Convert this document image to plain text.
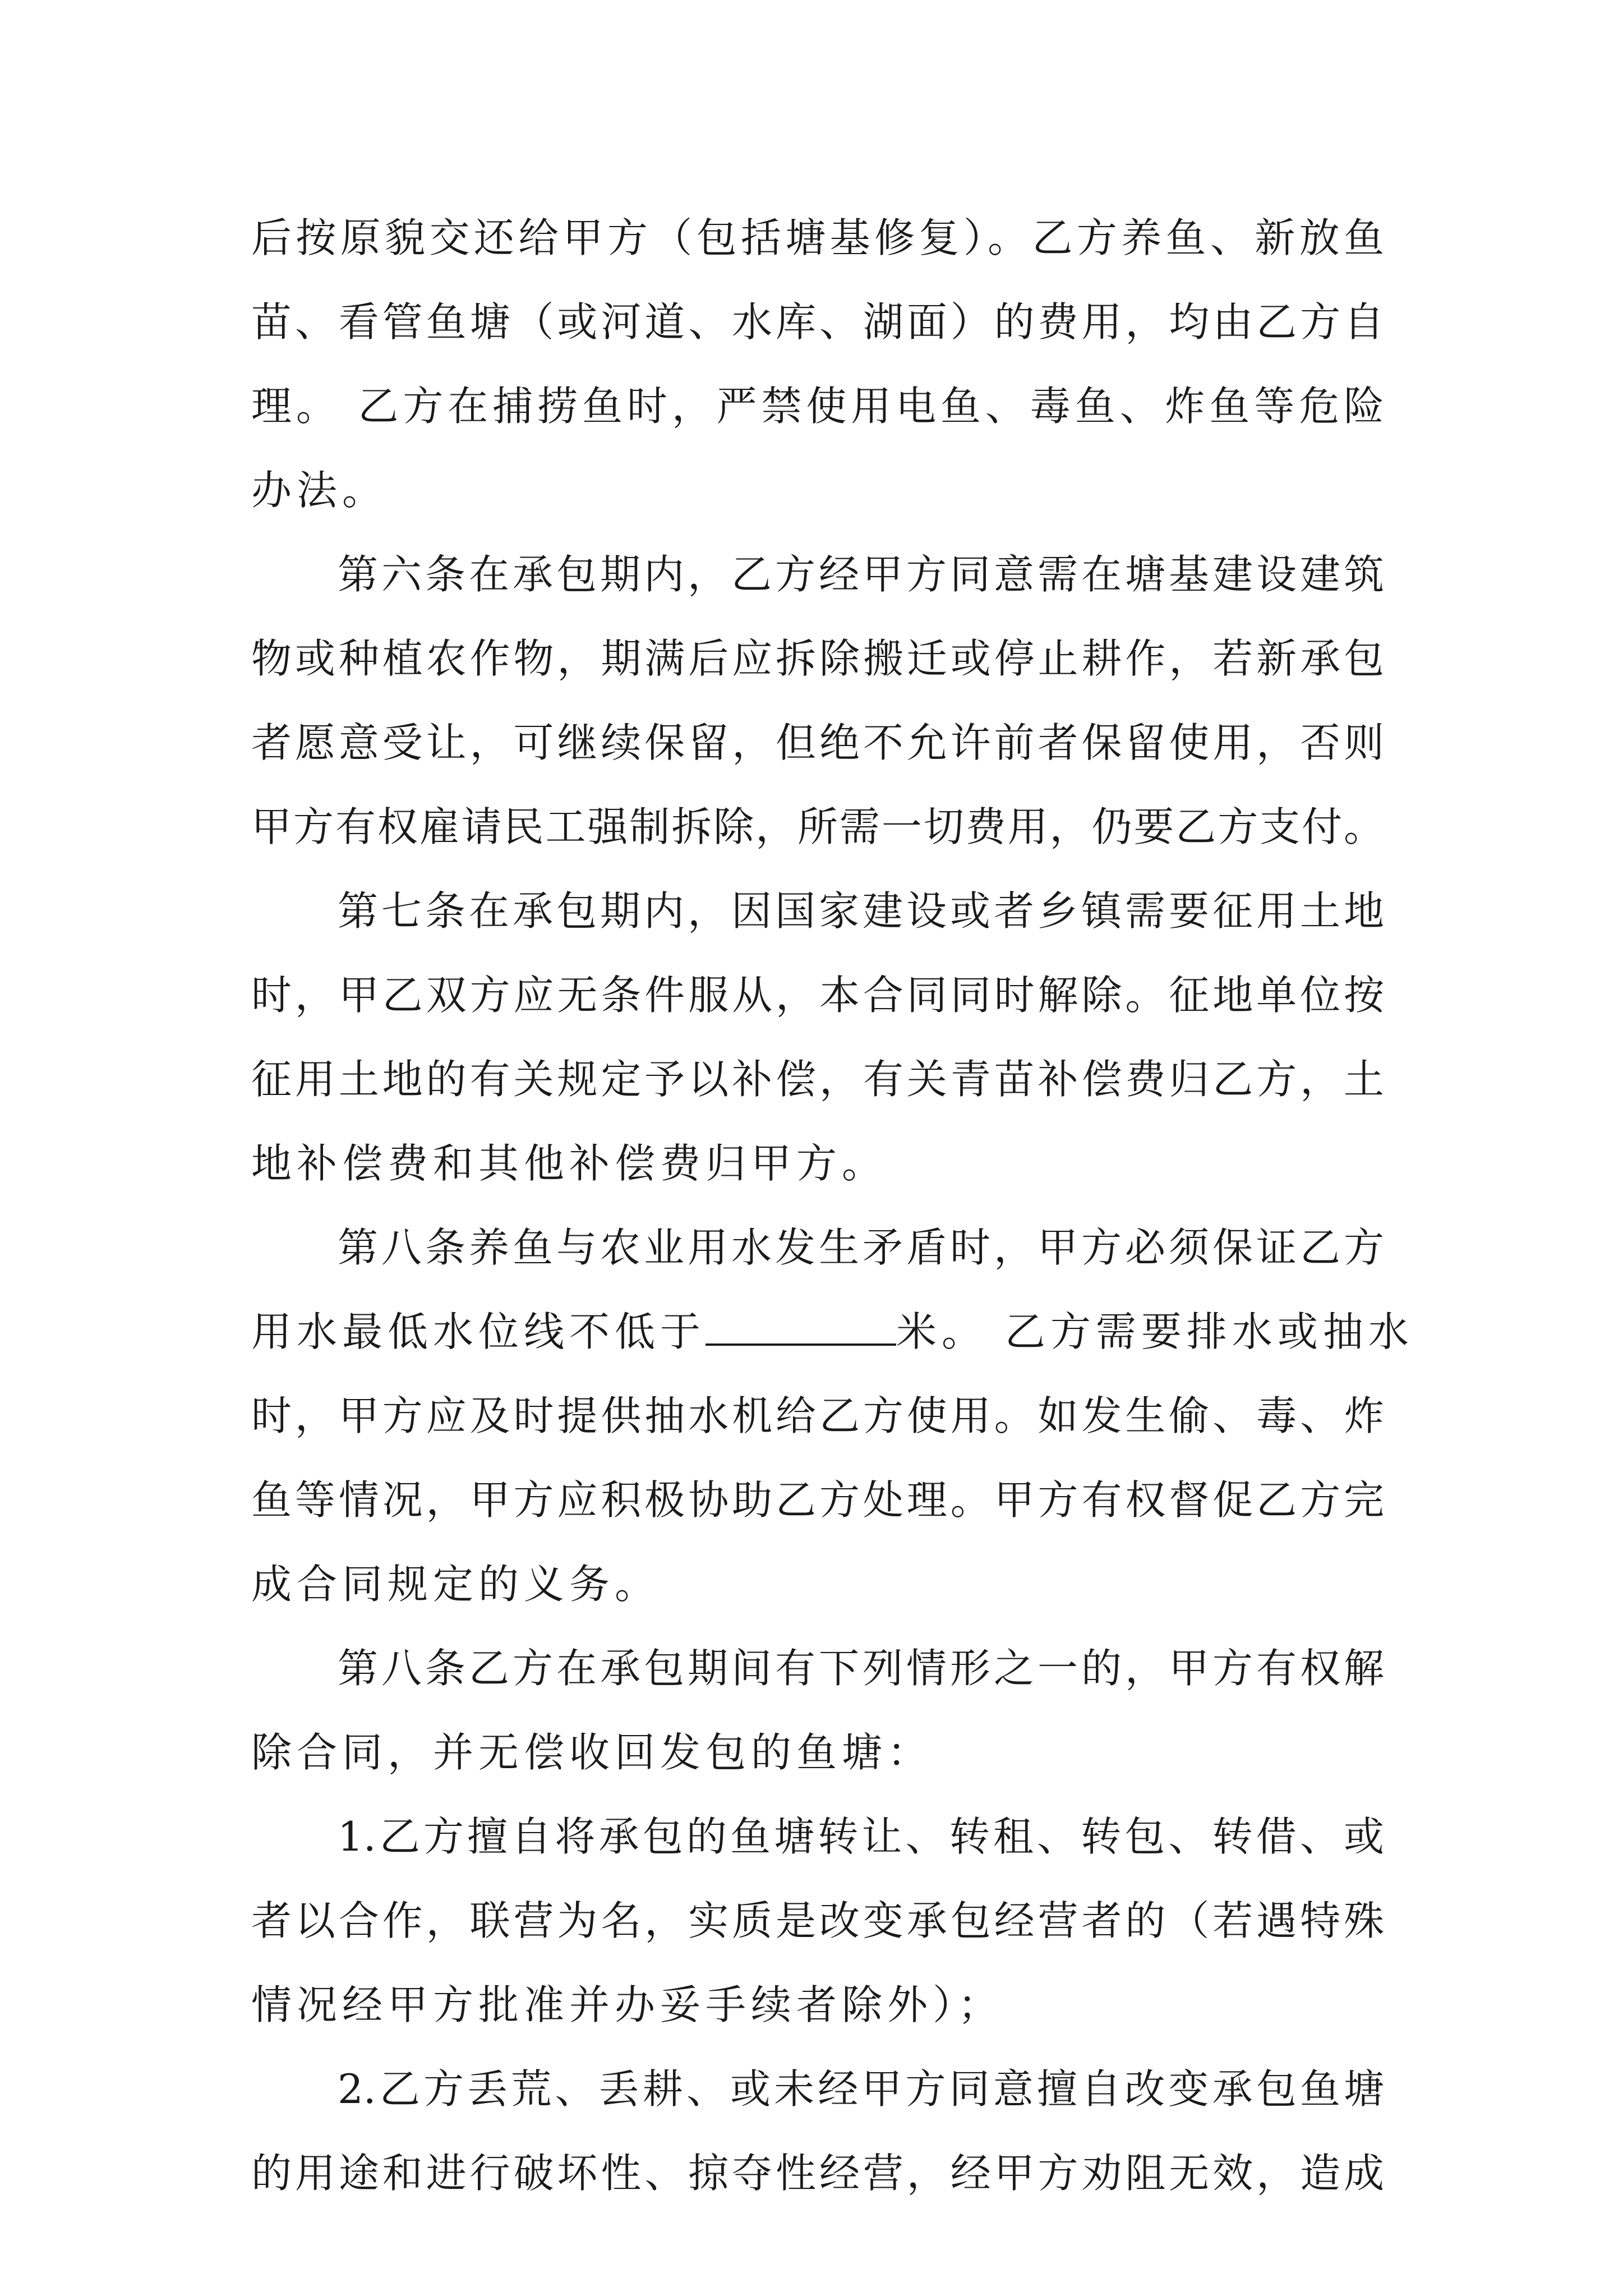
后按原貌交还给甲方（包括塘基修复）。乙方养鱼、新放鱼
苗、看管鱼塘（或河道、水库、湖面）的费用，均由乙方自
理。 乙方在捕捞鱼时，严禁使用电鱼、毒鱼、炸鱼等危险
办法。
第六条在承包期内，乙方经甲方同意需在塘基建设建筑
物或种植农作物，期满后应拆除搬迁或停止耕作，若新承包
者愿意受让，可继续保留，但绝不允许前者保留使用，否则
甲方有权雇请民工强制拆除，所需一切费用，仍要乙方支付。
第七条在承包期内，因国家建设或者乡镇需要征用土地
时，甲乙双方应无条件服从，本合同同时解除。征地单位按
征用土地的有关规定予以补偿，有关青苗补偿费归乙方，土
地补偿费和其他补偿费归甲方。
第八条养鱼与农业用水发生矛盾时，甲方必须保证乙方
用水最低水位线不低于	米。 乙方需要排水或抽水
时，甲方应及时提供抽水机给乙方使用。如发生偷、毒、炸
鱼等情况，甲方应积极协助乙方处理。甲方有权督促乙方完
成合同规定的义务。
第八条乙方在承包期间有下列情形之一的，甲方有权解
除合同，并无偿收回发包的鱼塘：
1.乙方擅自将承包的鱼塘转让、转租、转包、转借、或
者以合作，联营为名，实质是改变承包经营者的（若遇特殊
情况经甲方批准并办妥手续者除外）；
2.乙方丢荒、丢耕、或未经甲方同意擅自改变承包鱼塘
的用途和进行破坏性、掠夺性经营，经甲方劝阻无效，造成
